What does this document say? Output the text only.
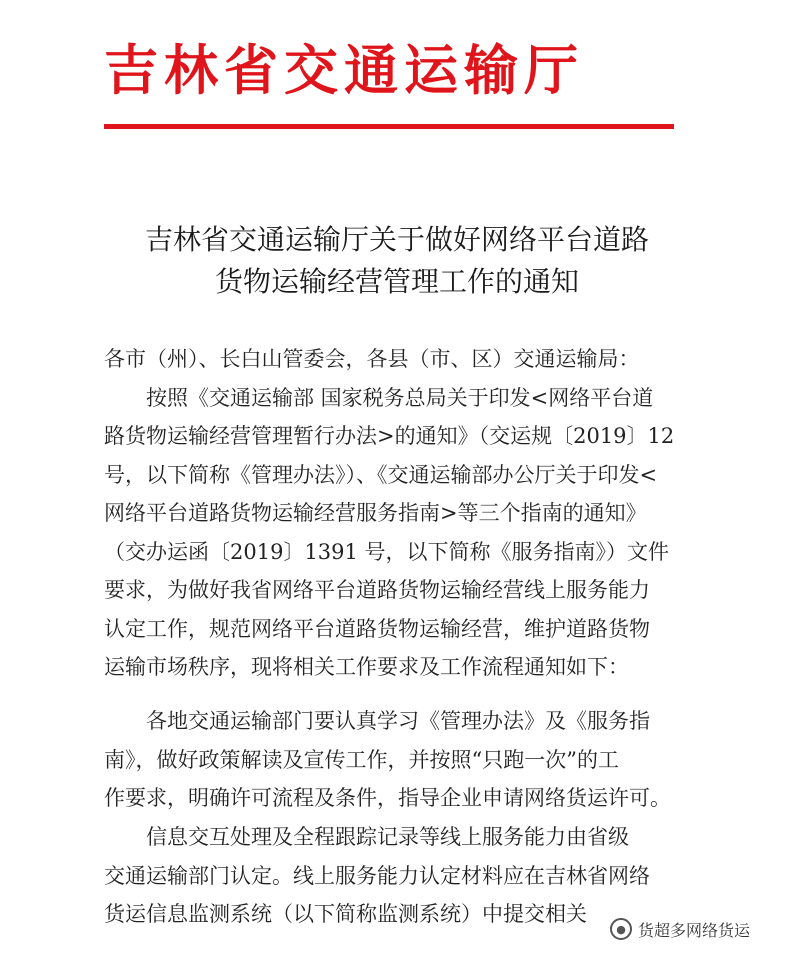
吉林省交通运输厅
吉林省交通运输厅关于做好网络平台道路
货物运输经营管理工作的通知
各市（州）、长白山管委会，各县（市、区）交通运输局：
　　按照《交通运输部 国家税务总局关于印发<网络平台道
路货物运输经营管理暂行办法>的通知》（交运规〔2019〕12
号，以下简称《管理办法》）、《交通运输部办公厅关于印发<
网络平台道路货物运输经营服务指南>等三个指南的通知》
（交办运函〔2019〕1391 号，以下简称《服务指南》）文件
要求，为做好我省网络平台道路货物运输经营线上服务能力
认定工作，规范网络平台道路货物运输经营，维护道路货物
运输市场秩序，现将相关工作要求及工作流程通知如下：
　　各地交通运输部门要认真学习《管理办法》及《服务指
南》，做好政策解读及宣传工作，并按照“只跑一次”的工
作要求，明确许可流程及条件，指导企业申请网络货运许可。
　　信息交互处理及全程跟踪记录等线上服务能力由省级
交通运输部门认定。线上服务能力认定材料应在吉林省网络
货运信息监测系统（以下简称监测系统）中提交相关
● 货超多网络货运
